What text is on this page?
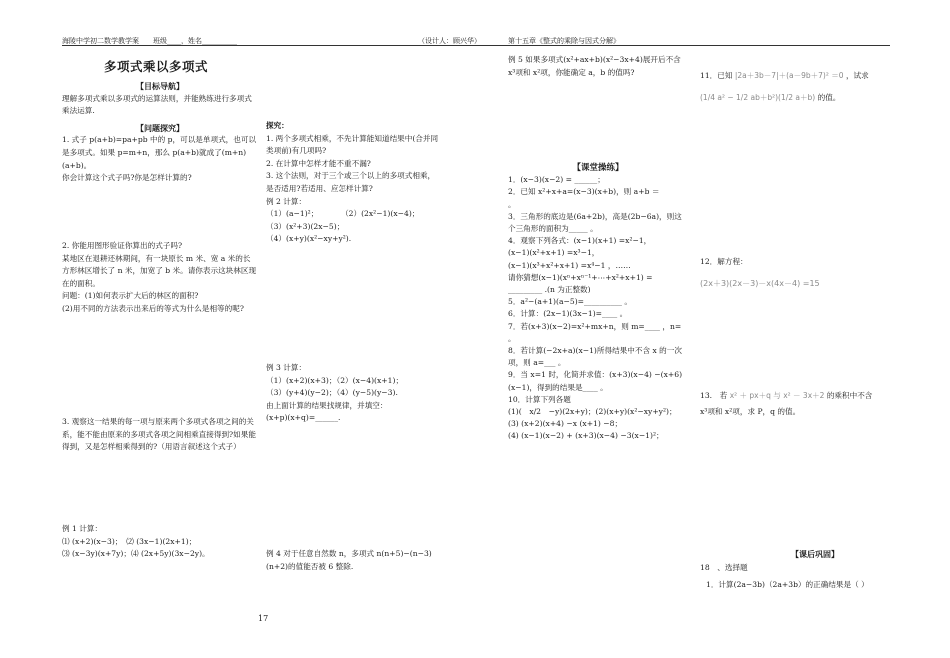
海陵中学初二数学教学案　　班级____，姓名__________	（设计人：顾兴华）	第十五章《整式的乘除与因式分解》
多项式乘以多项式

【目标导航】

理解多项式乘以多项式的运算法则，并能熟练进行多项式乘法运算.

【问题探究】

1. 式子 p(a+b)=pa+pb 中的 p，可以是单项式，也可以是多项式。如果 p=m+n，那么 p(a+b)就成了(m+n)(a+b)。

你会计算这个式子吗?你是怎样计算的?

2. 你能用图形验证你算出的式子吗?

某地区在退耕还林期间，有一块原长 m 米、宽 a 米的长方形林区增长了 n 米，加宽了 b 米。请你表示这块林区现在的面积。

问题：(1)如何表示扩大后的林区的面积?

(2)用不同的方法表示出来后的等式为什么是相等的呢?

3. 观察这一结果的每一项与原来两个多项式各项之间的关系，能不能由原来的多项式各项之间相乘直接得到?如果能得到，又是怎样相乘得到的?（用语言叙述这个式子）

例 1 计算：

⑴ (x+2)(x−3)；　⑵ (3x−1)(2x+1)；

⑶ (x−3y)(x+7y)；⑷ (2x+5y)(3x−2y)。

探究：

1. 两个多项式相乘，不先计算能知道结果中(合并同类项前)有几项吗?

2. 在计算中怎样才能不重不漏?

3. 这个法则，对于三个或三个以上的多项式相乘，是否适用?若适用、应怎样计算?

例 2 计算：

（1）(a−1)²；　　　　（2）(2x²−1)(x−4)；

（3）(x²+3)(2x−5)；

（4）(x+y)(x²−xy+y²).

例 3 计算：

（1）(x+2)(x+3)；（2）(x−4)(x+1)；

（3）(y+4)(y−2)；（4）(y−5)(y−3).

由上面计算的结果找规律，并填空：

(x+p)(x+q)=______.

例 4 对于任意自然数 n，多项式 n(n+5)−(n−3)(n+2)的值能否被 6 整除.

例 5 如果多项式(x²+ax+b)(x²−3x+4)展开后不含 x³项和 x²项，你能确定 a，b 的值吗?

【课堂操练】

1．(x−3)(x−2) = ______；

2．已知 x²+x+a=(x−3)(x+b)，则 a+b ＝

。

3．三角形的底边是(6a+2b)，高是(2b−6a)，则这个三角形的面积为_____ 。

4．观察下列各式：(x−1)(x+1) =x²−1，

(x−1)(x²+x+1) =x³−1，

(x−1)(x³+x²+x+1) =x⁴−1 ，……

请你猜想(x−1)(xⁿ+xⁿ⁻¹+⋯+x²+x+1) =

_________ .(n 为正整数)

5．a²−(a+1)(a−5)=__________ 。

6．计算：(2x−1)(3x−1)=____ 。

7．若(x+3)(x−2)=x²+mx+n，则 m=____ ，n=

。

8．若计算(−2x+a)(x−1)所得结果中不含 x 的一次项，则 a=___ 。

9．当 x=1 时，化简并求值：(x+3)(x−4) −(x+6)(x−1)，得到的结果是____ 。

10．计算下列各题

(1)(　x/2　−y)(2x+y)；(2)(x+y)(x²−xy+y²)；

(3) (x+2)(x+4) −x (x+1) −8；

(4) (x−1)(x−2) + (x+3)(x−4) −3(x−1)²；

11．已知 |2a＋3b－7|＋(a－9b＋7)² ＝0 ，试求

(1/4 a² − 1/2 ab＋b²)(1/2 a＋b) 的值。

12．解方程：

(2x＋3)(2x－3)－x(4x－4) =15

13.　若 x² ＋ px＋q 与 x² － 3x＋2 的乘积中不含

x³项和 x²项，求 P，q 的值。

【课后巩固】

18　、选择题

1．计算(2a−3b)（2a+3b）的正确结果是（ ）

17
